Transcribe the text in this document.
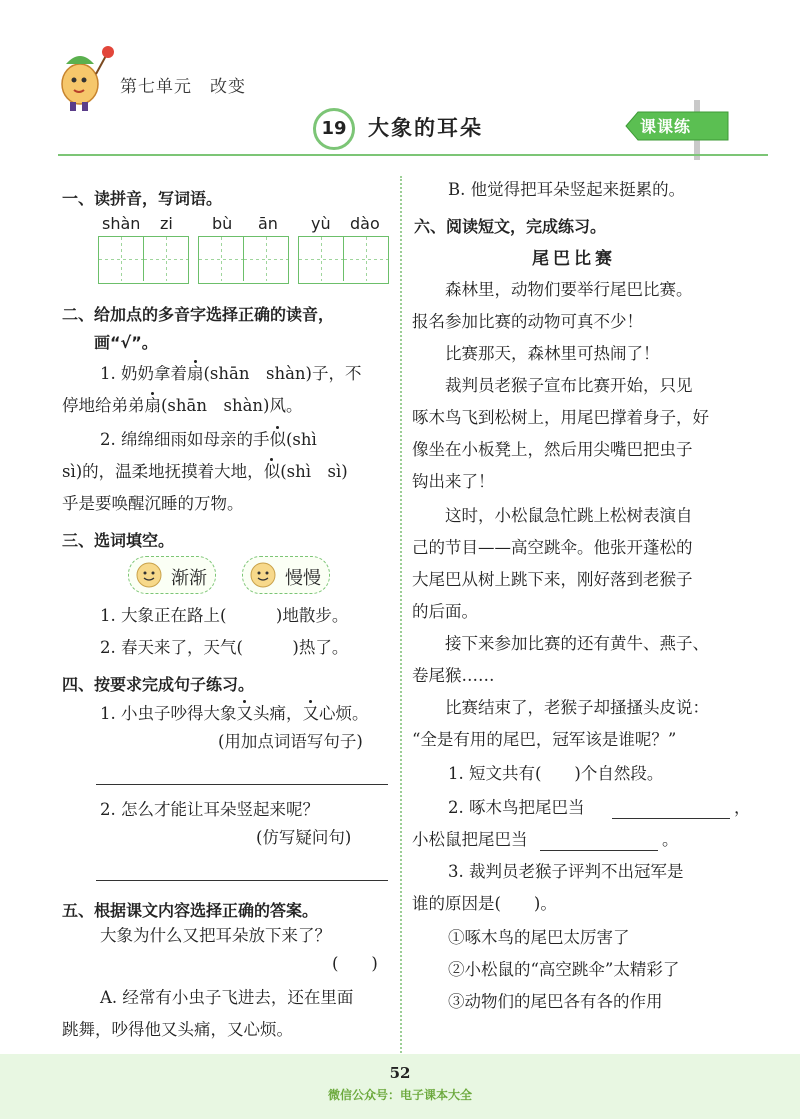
第七单元　改变
19	大象的耳朵	课课练
一、读拼音，写词语。
shàn zi bù ān yù dào
二、给加点的多音字选择正确的读音，
画“√”。
1. 奶奶拿着扇(shān　shàn)子，不
停地给弟弟扇(shān　shàn)风。
2. 绵绵细雨如母亲的手似(shì
sì)的，温柔地抚摸着大地，似(shì　sì)
乎是要唤醒沉睡的万物。
三、选词填空。
渐渐	慢慢
1. 大象正在路上(　　　)地散步。
2. 春天来了，天气(　　　)热了。
四、按要求完成句子练习。
1. 小虫子吵得大象又头痛，又心烦。
(用加点词语写句子)
2. 怎么才能让耳朵竖起来呢？
(仿写疑问句)
五、根据课文内容选择正确的答案。
大象为什么又把耳朵放下来了？
(　　)
A. 经常有小虫子飞进去，还在里面
跳舞，吵得他又头痛，又心烦。
B. 他觉得把耳朵竖起来挺累的。
六、阅读短文，完成练习。
尾巴比赛
　　森林里，动物们要举行尾巴比赛。
报名参加比赛的动物可真不少！
　　比赛那天，森林里可热闹了！
　　裁判员老猴子宣布比赛开始，只见
啄木鸟飞到松树上，用尾巴撑着身子，好
像坐在小板凳上，然后用尖嘴巴把虫子
钩出来了！
　　这时，小松鼠急忙跳上松树表演自
己的节目——高空跳伞。他张开蓬松的
大尾巴从树上跳下来，刚好落到老猴子
的后面。
　　接下来参加比赛的还有黄牛、燕子、
卷尾猴……
　　比赛结束了，老猴子却搔搔头皮说：
“全是有用的尾巴，冠军该是谁呢？”
1. 短文共有(　　)个自然段。
2. 啄木鸟把尾巴当	，
小松鼠把尾巴当	。
3. 裁判员老猴子评判不出冠军是
谁的原因是(　　)。
①啄木鸟的尾巴太厉害了
②小松鼠的“高空跳伞”太精彩了
③动物们的尾巴各有各的作用
52
微信公众号：电子课本大全
